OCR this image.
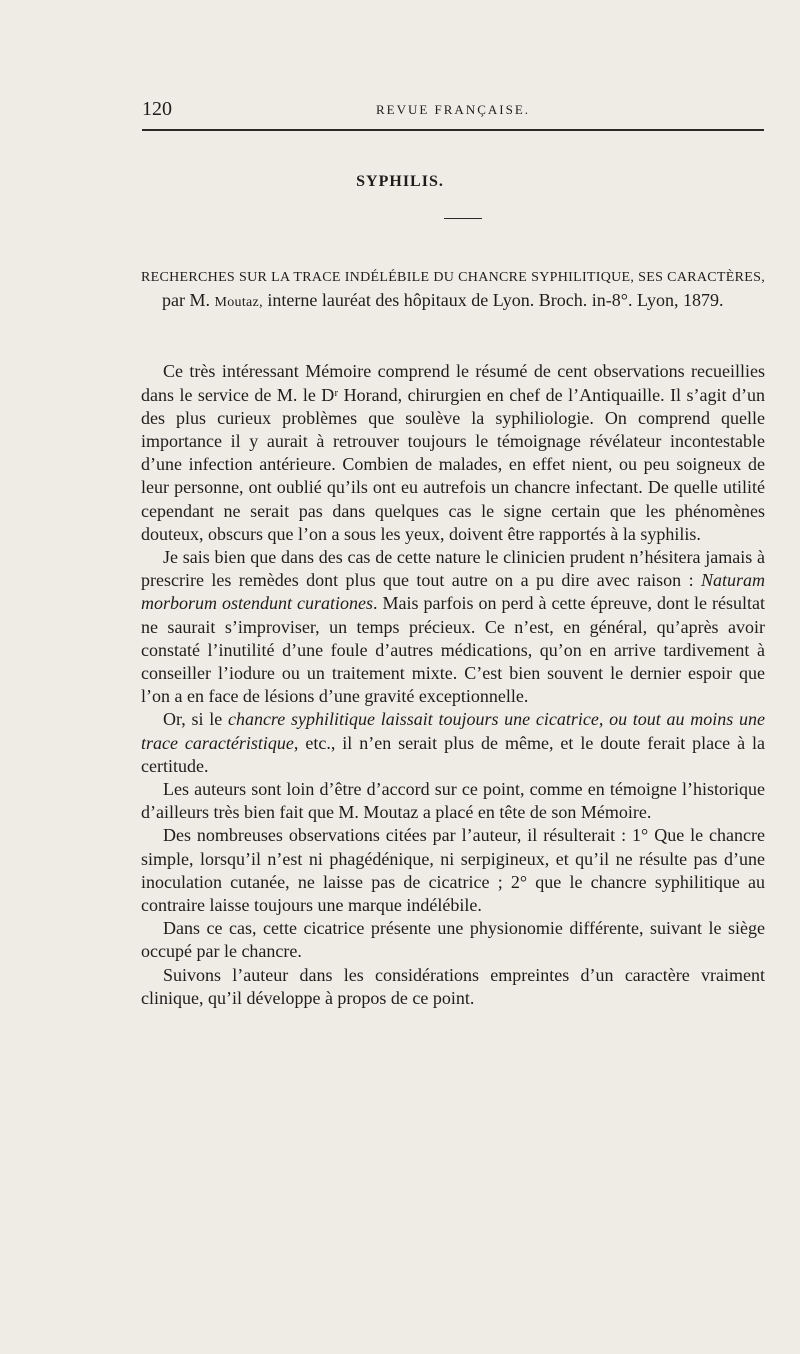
120	REVUE FRANÇAISE.
SYPHILIS.

RECHERCHES SUR LA TRACE INDÉLÉBILE DU CHANCRE SYPHILITIQUE, SES CARACTÈRES, par M. Moutaz, interne lauréat des hôpitaux de Lyon. Broch. in-8°. Lyon, 1879.

Ce très intéressant Mémoire comprend le résumé de cent observations recueillies dans le service de M. le Dʳ Horand, chirurgien en chef de l’Antiquaille. Il s’agit d’un des plus curieux problèmes que soulève la syphiliologie. On comprend quelle importance il y aurait à retrouver toujours le témoignage révélateur incontestable d’une infection antérieure. Combien de malades, en effet nient, ou peu soigneux de leur personne, ont oublié qu’ils ont eu autrefois un chancre infectant. De quelle utilité cependant ne serait pas dans quelques cas le signe certain que les phénomènes douteux, obscurs que l’on a sous les yeux, doivent être rapportés à la syphilis.

Je sais bien que dans des cas de cette nature le clinicien prudent n’hésitera jamais à prescrire les remèdes dont plus que tout autre on a pu dire avec raison : Naturam morborum ostendunt curationes. Mais parfois on perd à cette épreuve, dont le résultat ne saurait s’improviser, un temps précieux. Ce n’est, en général, qu’après avoir constaté l’inutilité d’une foule d’autres médications, qu’on en arrive tardivement à conseiller l’iodure ou un traitement mixte. C’est bien souvent le dernier espoir que l’on a en face de lésions d’une gravité exceptionnelle.

Or, si le chancre syphilitique laissait toujours une cicatrice, ou tout au moins une trace caractéristique, etc., il n’en serait plus de même, et le doute ferait place à la certitude.

Les auteurs sont loin d’être d’accord sur ce point, comme en témoigne l’historique d’ailleurs très bien fait que M. Moutaz a placé en tête de son Mémoire.

Des nombreuses observations citées par l’auteur, il résulterait : 1° Que le chancre simple, lorsqu’il n’est ni phagédénique, ni serpigineux, et qu’il ne résulte pas d’une inoculation cutanée, ne laisse pas de cicatrice ; 2° que le chancre syphilitique au contraire laisse toujours une marque indélébile.

Dans ce cas, cette cicatrice présente une physionomie différente, suivant le siège occupé par le chancre.

Suivons l’auteur dans les considérations empreintes d’un caractère vraiment clinique, qu’il développe à propos de ce point.
